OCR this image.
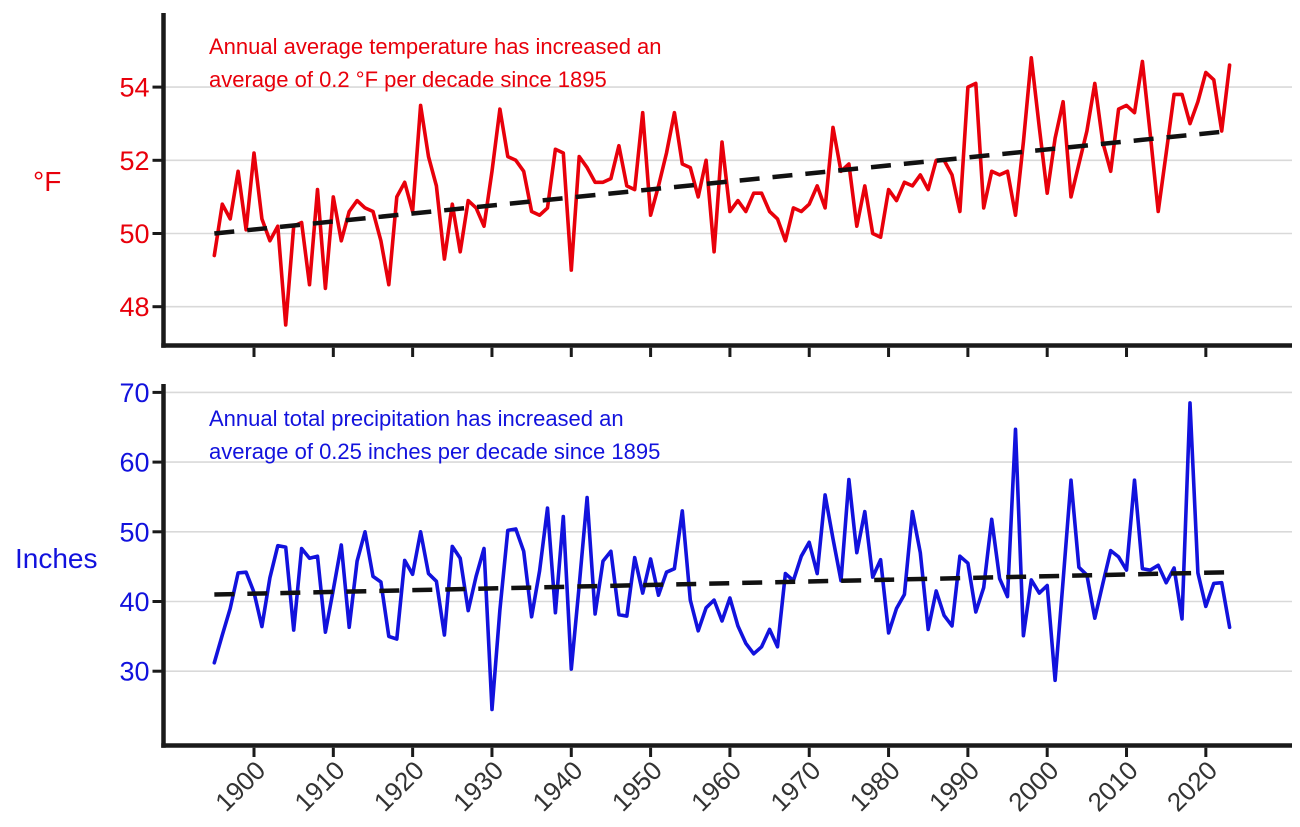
48
50
52
54
30
40
50
60
70
1900 1910 1920 1930 1940 1950 1960 1970 1980 1990 2000 2010 2020
Annual average temperature has increased an
average of 0.2 °F per decade since 1895
Annual total precipitation has increased an
average of 0.25 inches per decade since 1895
°F
Inches
